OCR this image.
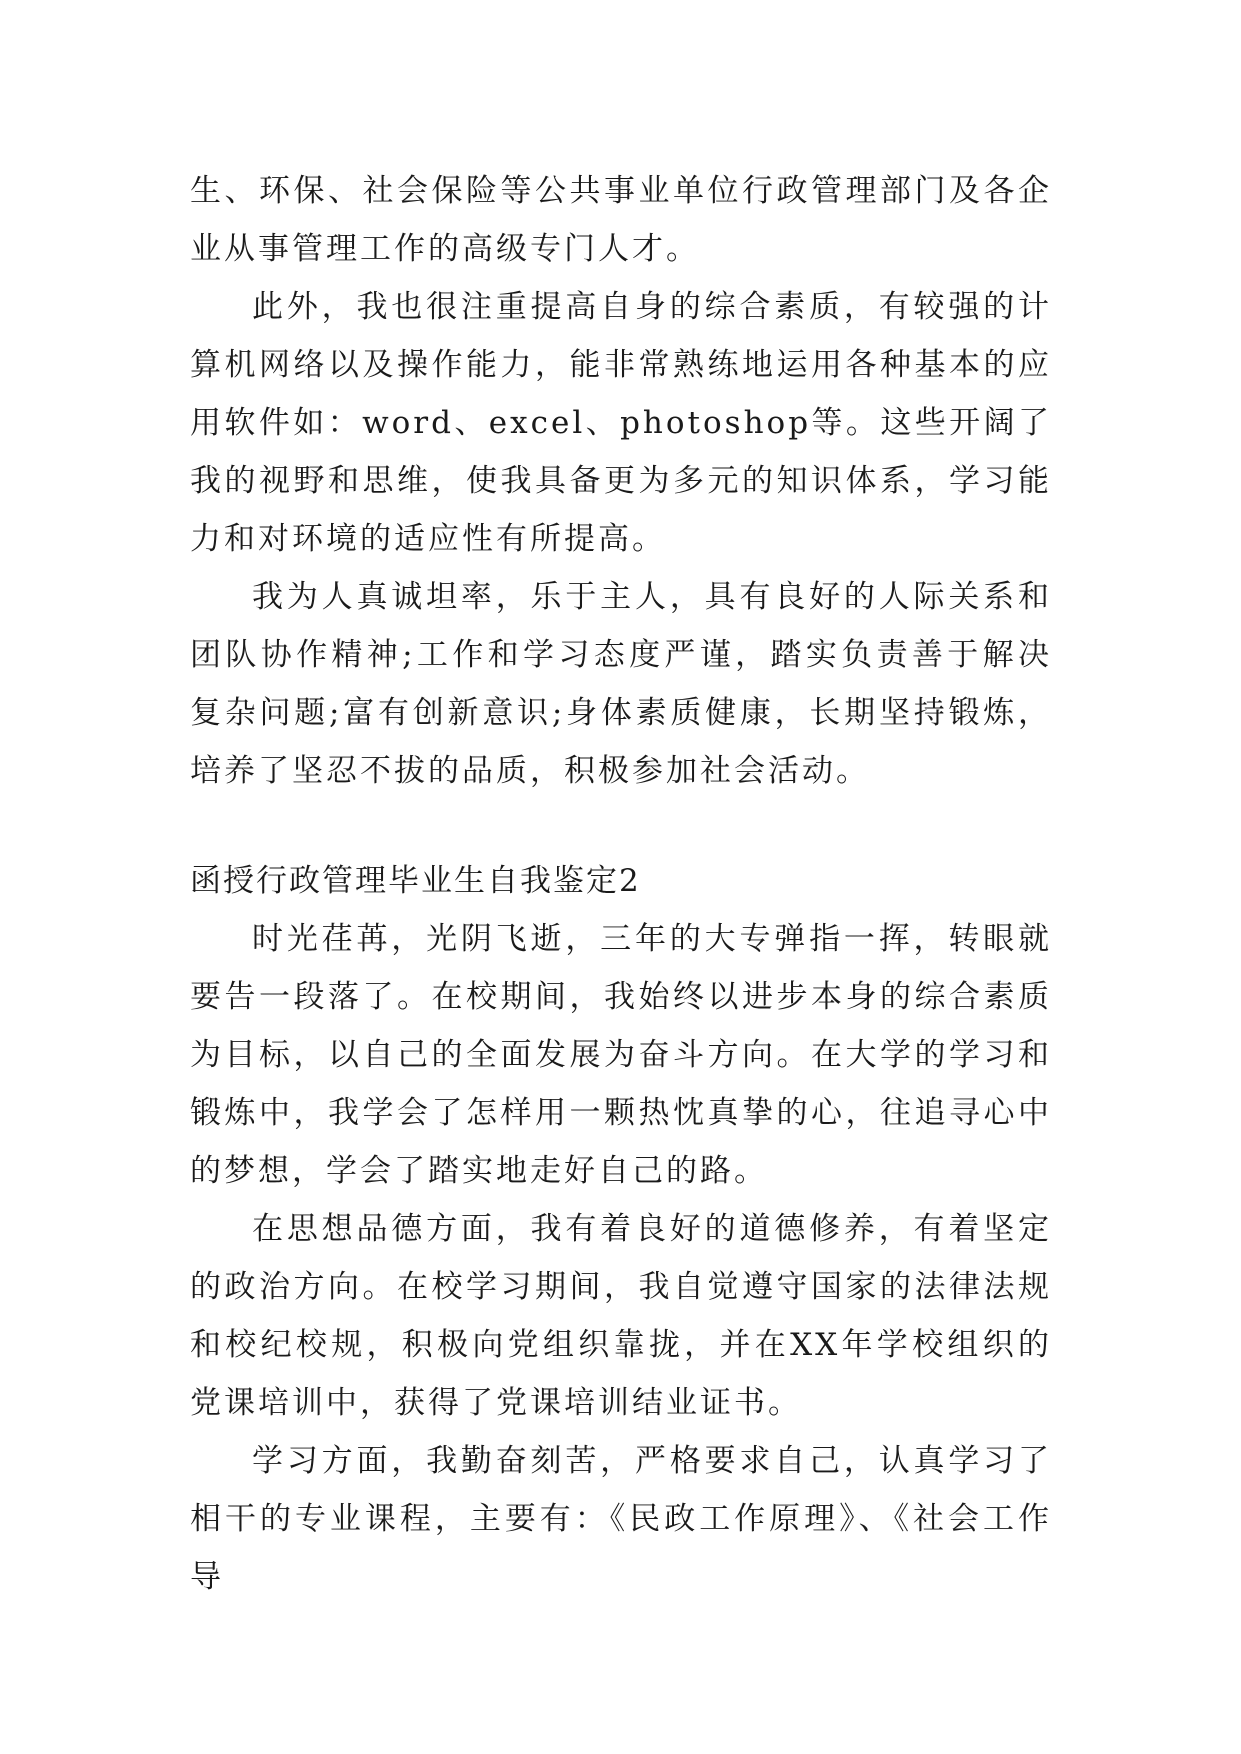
生、环保、社会保险等公共事业单位行政管理部门及各企业从事管理工作的高级专门人才。

此外，我也很注重提高自身的综合素质，有较强的计算机网络以及操作能力，能非常熟练地运用各种基本的应用软件如：word、excel、photoshop等。这些开阔了我的视野和思维，使我具备更为多元的知识体系，学习能力和对环境的适应性有所提高。

我为人真诚坦率，乐于主人，具有良好的人际关系和团队协作精神;工作和学习态度严谨，踏实负责善于解决复杂问题;富有创新意识;身体素质健康，长期坚持锻炼，培养了坚忍不拔的品质，积极参加社会活动。

函授行政管理毕业生自我鉴定2

时光荏苒，光阴飞逝，三年的大专弹指一挥，转眼就要告一段落了。在校期间，我始终以进步本身的综合素质为目标，以自己的全面发展为奋斗方向。在大学的学习和锻炼中，我学会了怎样用一颗热忱真挚的心，往追寻心中的梦想，学会了踏实地走好自己的路。

在思想品德方面，我有着良好的道德修养，有着坚定的政治方向。在校学习期间，我自觉遵守国家的法律法规和校纪校规，积极向党组织靠拢，并在XX年学校组织的党课培训中，获得了党课培训结业证书。

学习方面，我勤奋刻苦，严格要求自己，认真学习了相干的专业课程，主要有：《民政工作原理》、《社会工作导
